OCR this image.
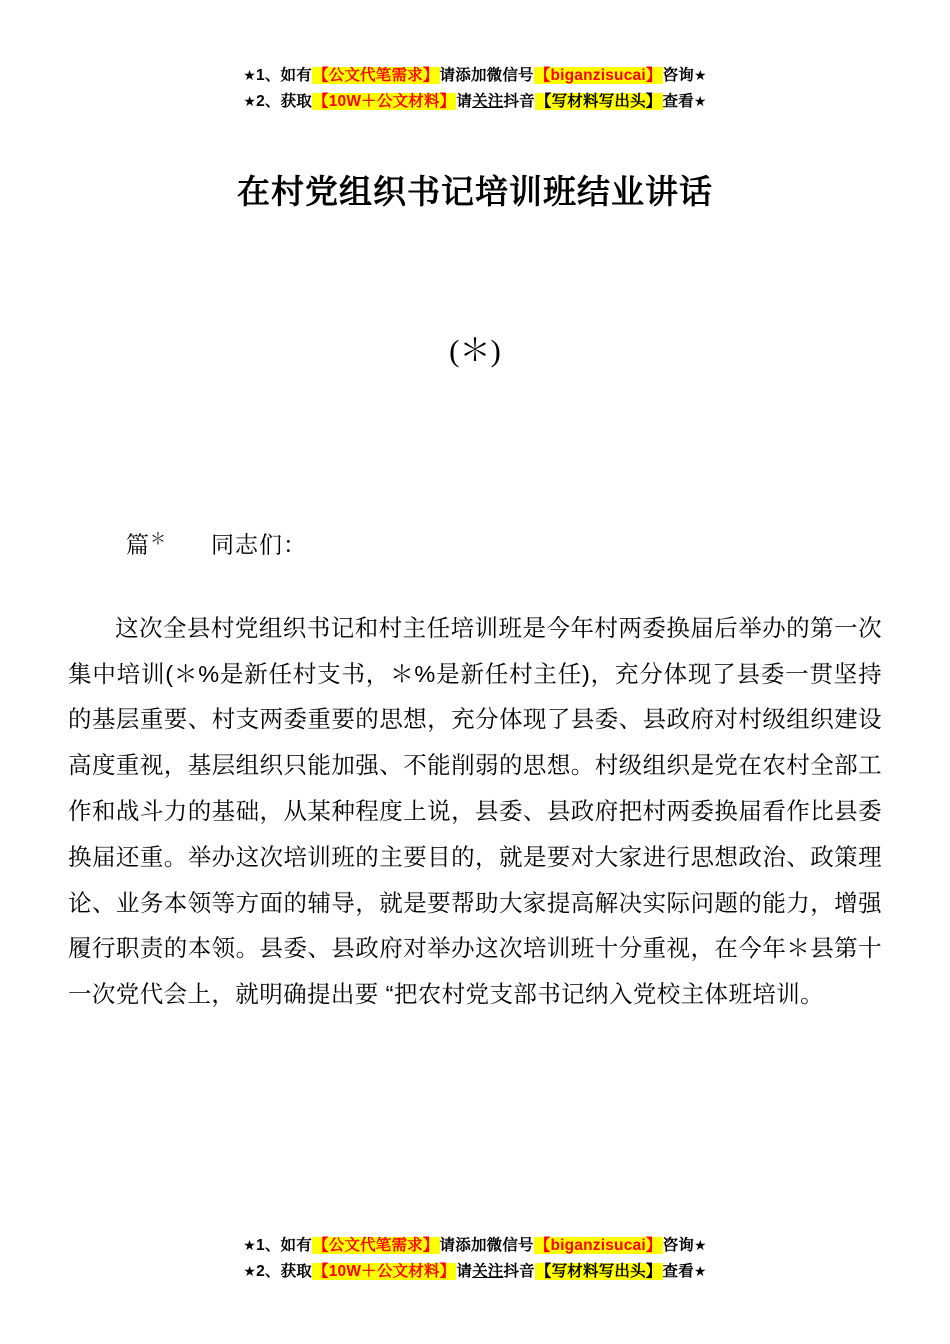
★1、如有【公文代笔需求】请添加微信号【biganzisucai】咨询★
★2、获取【10W＋公文材料】请关注抖音【写材料写出头】查看★
在村党组织书记培训班结业讲话
(＊)
篇＊ 同志们：
这次全县村党组织书记和村主任培训班是今年村两委换届后举办的第一次集中培训(＊%是新任村支书，＊%是新任村主任)，充分体现了县委一贯坚持的基层重要、村支两委重要的思想，充分体现了县委、县政府对村级组织建设高度重视，基层组织只能加强、不能削弱的思想。村级组织是党在农村全部工作和战斗力的基础，从某种程度上说，县委、县政府把村两委换届看作比县委换届还重。举办这次培训班的主要目的，就是要对大家进行思想政治、政策理论、业务本领等方面的辅导，就是要帮助大家提高解决实际问题的能力，增强履行职责的本领。县委、县政府对举办这次培训班十分重视，在今年＊县第十一次党代会上，就明确提出要 “把农村党支部书记纳入党校主体班培训。
★1、如有【公文代笔需求】请添加微信号【biganzisucai】咨询★
★2、获取【10W＋公文材料】请关注抖音【写材料写出头】查看★
